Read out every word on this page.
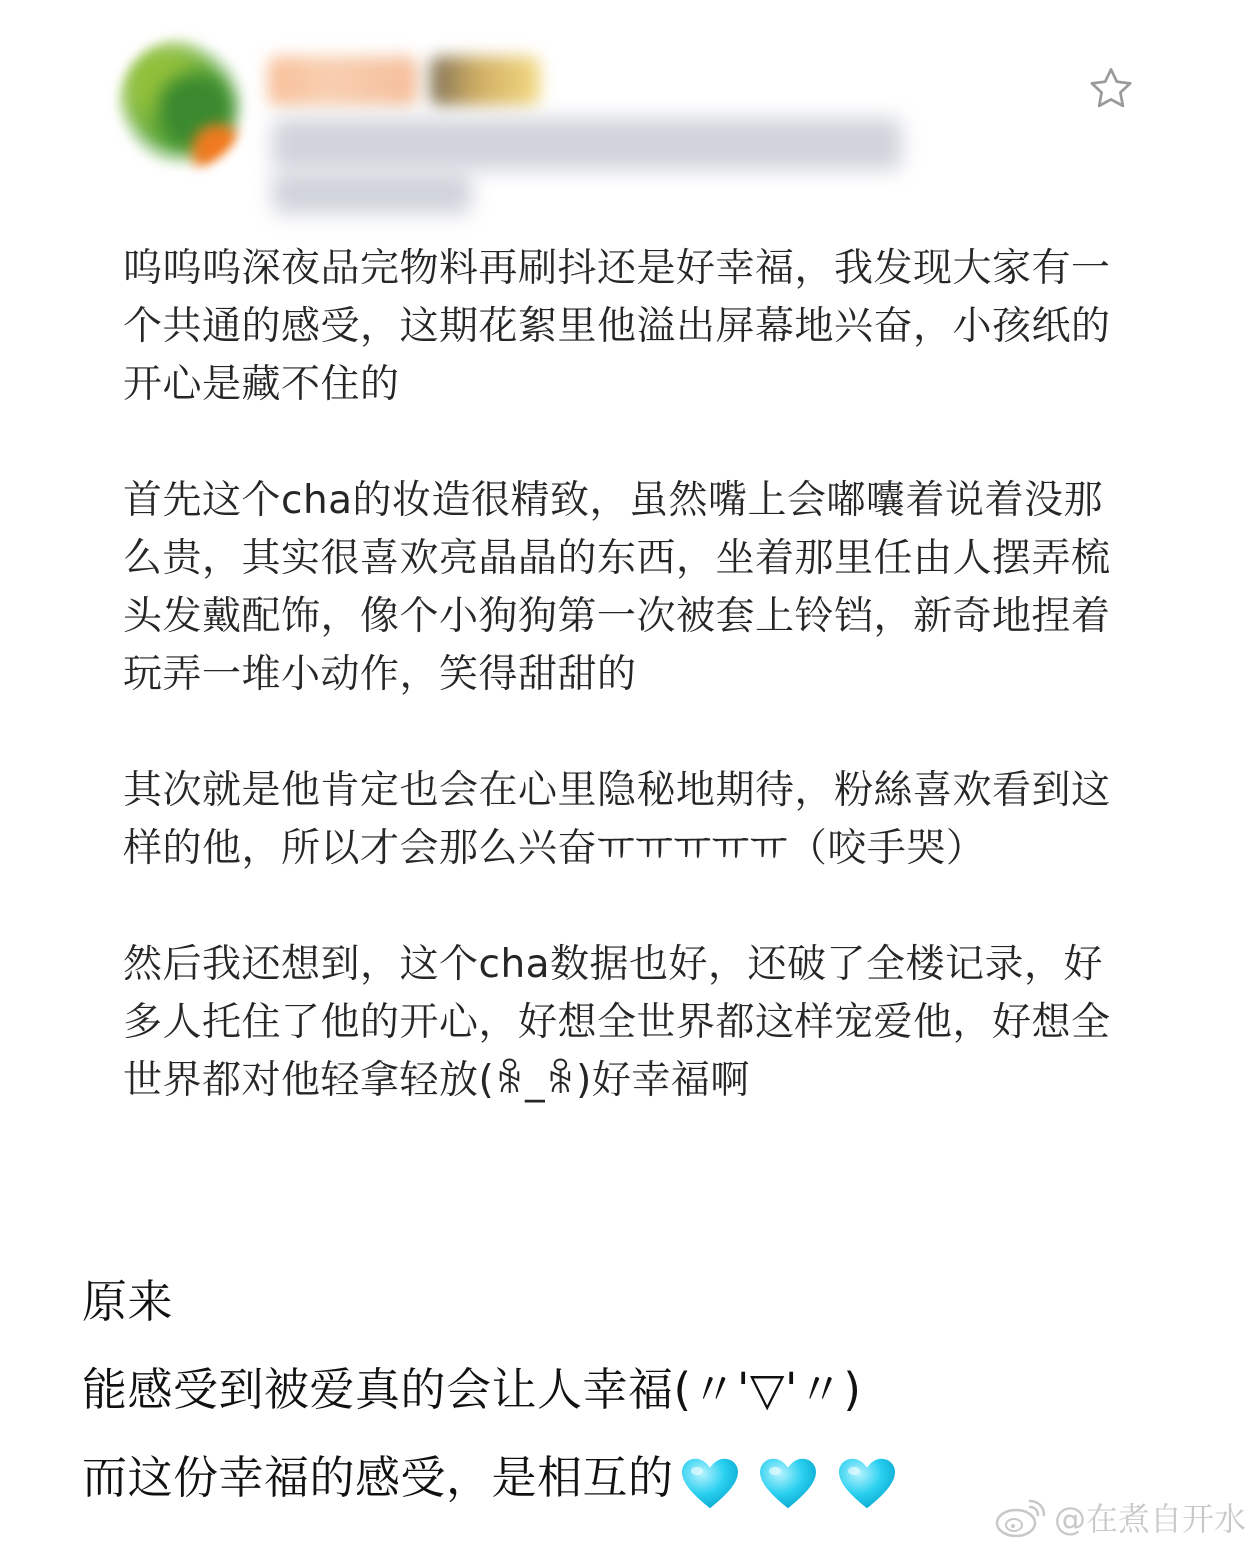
呜呜呜深夜品完物料再刷抖还是好幸福，我发现大家有一个共通的感受，这期花絮里他溢出屏幕地兴奋，小孩纸的开心是藏不住的

首先这个cha的妆造很精致，虽然嘴上会嘟囔着说着没那么贵，其实很喜欢亮晶晶的东西，坐着那里任由人摆弄梳头发戴配饰，像个小狗狗第一次被套上铃铛，新奇地捏着玩弄一堆小动作，笑得甜甜的

其次就是他肯定也会在心里隐秘地期待，粉絲喜欢看到这样的他，所以才会那么兴奋ㅠㅠㅠㅠㅠ（咬手哭）

然后我还想到，这个cha数据也好，还破了全楼记录，好多人托住了他的开心，好想全世界都这样宠爱他，好想全世界都对他轻拿轻放(ꆜ_ꆜ)好幸福啊

原来
能感受到被爱真的会让人幸福(〃'▽'〃)
而这份幸福的感受，是相互的
@在煮自开水
